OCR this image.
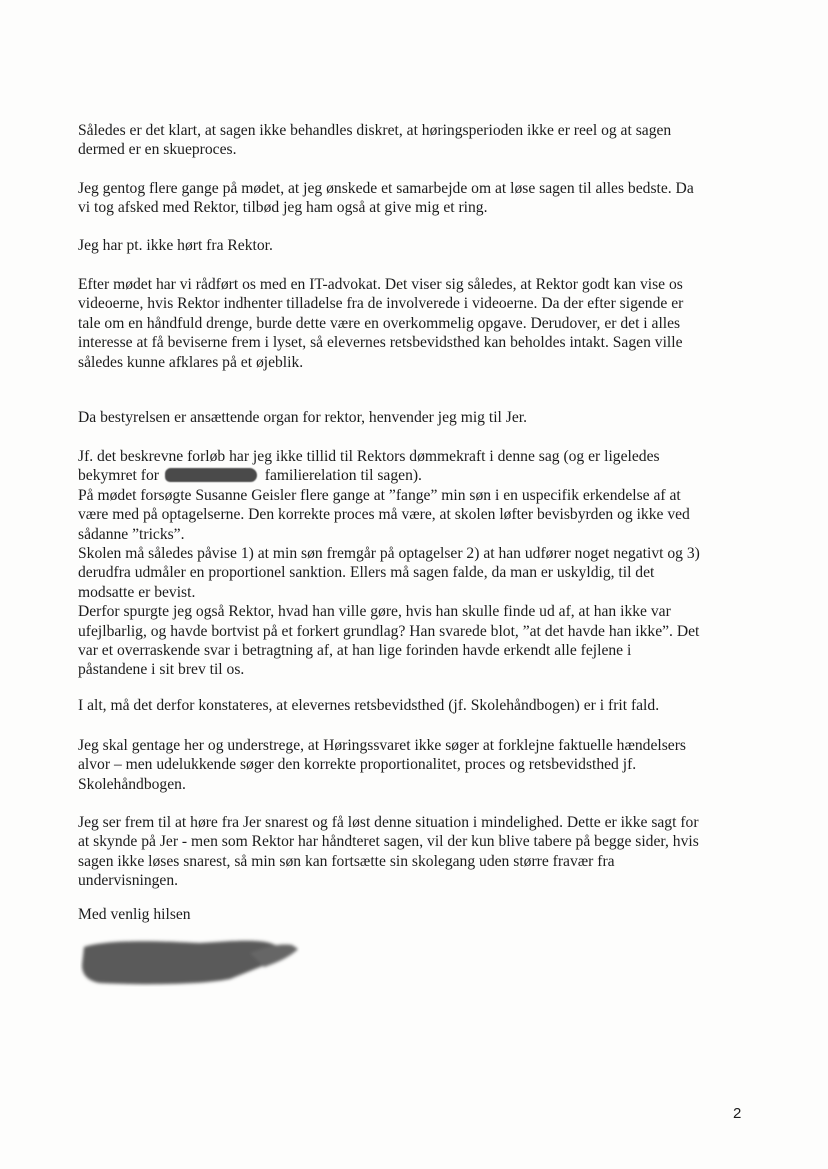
Således er det klart, at sagen ikke behandles diskret, at høringsperioden ikke er reel og at sagen
dermed er en skueproces.
Jeg gentog flere gange på mødet, at jeg ønskede et samarbejde om at løse sagen til alles bedste. Da
vi tog afsked med Rektor, tilbød jeg ham også at give mig et ring.
Jeg har pt. ikke hørt fra Rektor.
Efter mødet har vi rådført os med en IT-advokat. Det viser sig således, at Rektor godt kan vise os
videoerne, hvis Rektor indhenter tilladelse fra de involverede i videoerne. Da der efter sigende er
tale om en håndfuld drenge, burde dette være en overkommelig opgave. Derudover, er det i alles
interesse at få beviserne frem i lyset, så elevernes retsbevidsthed kan beholdes intakt. Sagen ville
således kunne afklares på et øjeblik.
Da bestyrelsen er ansættende organ for rektor, henvender jeg mig til Jer.
Jf. det beskrevne forløb har jeg ikke tillid til Rektors dømmekraft i denne sag (og er ligeledes
bekymret for	familierelation til sagen).
På mødet forsøgte Susanne Geisler flere gange at ”fange” min søn i en uspecifik erkendelse af at
være med på optagelserne. Den korrekte proces må være, at skolen løfter bevisbyrden og ikke ved
sådanne ”tricks”.
Skolen må således påvise 1) at min søn fremgår på optagelser 2) at han udfører noget negativt og 3)
derudfra udmåler en proportionel sanktion. Ellers må sagen falde, da man er uskyldig, til det
modsatte er bevist.
Derfor spurgte jeg også Rektor, hvad han ville gøre, hvis han skulle finde ud af, at han ikke var
ufejlbarlig, og havde bortvist på et forkert grundlag? Han svarede blot, ”at det havde han ikke”. Det
var et overraskende svar i betragtning af, at han lige forinden havde erkendt alle fejlene i
påstandene i sit brev til os.
I alt, må det derfor konstateres, at elevernes retsbevidsthed (jf. Skolehåndbogen) er i frit fald.
Jeg skal gentage her og understrege, at Høringssvaret ikke søger at forklejne faktuelle hændelsers
alvor – men udelukkende søger den korrekte proportionalitet, proces og retsbevidsthed jf.
Skolehåndbogen.
Jeg ser frem til at høre fra Jer snarest og få løst denne situation i mindelighed. Dette er ikke sagt for
at skynde på Jer - men som Rektor har håndteret sagen, vil der kun blive tabere på begge sider, hvis
sagen ikke løses snarest, så min søn kan fortsætte sin skolegang uden større fravær fra
undervisningen.
Med venlig hilsen
2
